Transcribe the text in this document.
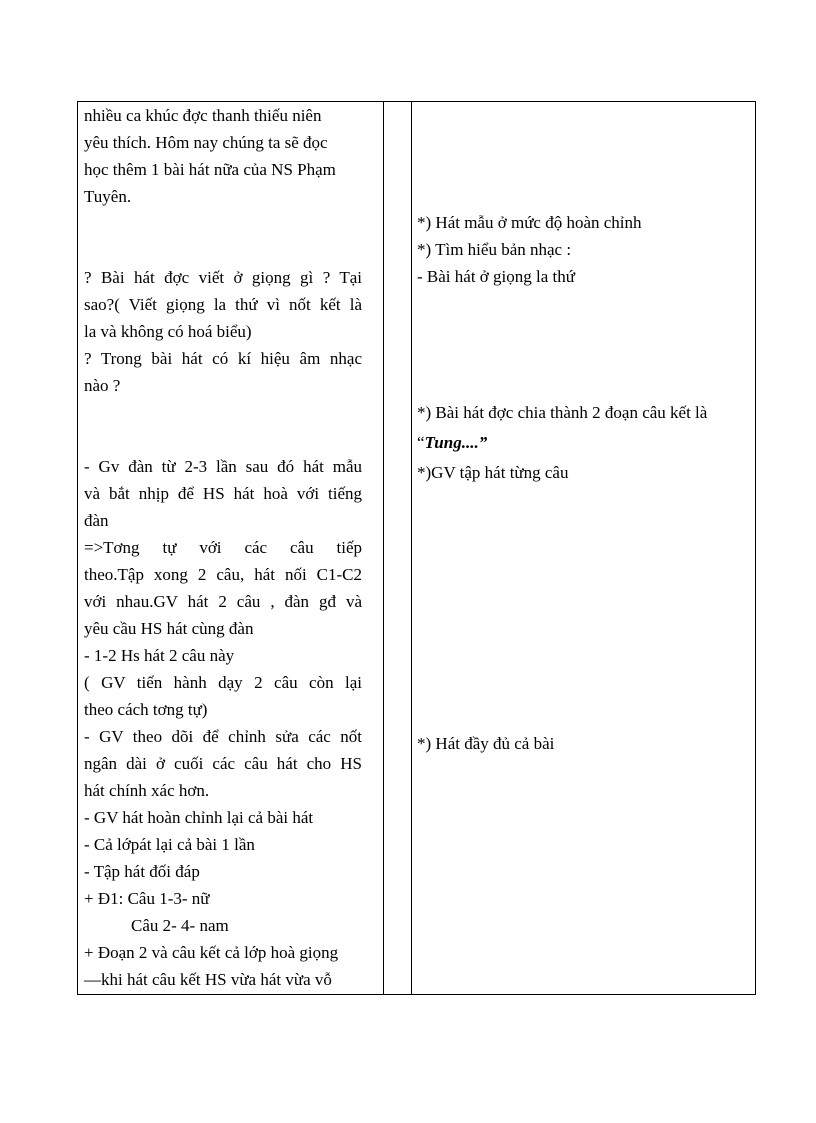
nhiều ca khúc đợc thanh thiếu niên
yêu thích. Hôm nay chúng ta sẽ đọc
học thêm 1 bài hát nữa của NS Phạm
Tuyên.
? Bài hát đợc viết ở giọng gì ? Tại
sao?( Viết giọng la thứ vì nốt kết là
la và không có hoá biểu)
? Trong bài hát có kí hiệu âm nhạc
nào ?
- Gv đàn từ 2-3 lần sau đó hát mẫu
và bắt nhịp để HS hát hoà với tiếng
đàn
=>Tơng tự với các câu tiếp
theo.Tập xong 2 câu, hát nối C1-C2
với nhau.GV hát 2 câu , đàn gđ và
yêu cầu HS hát cùng đàn
- 1-2 Hs hát 2 câu này
( GV tiến hành dạy 2 câu còn lại
theo cách tơng tự)
- GV theo dõi để chỉnh sửa các nốt
ngân dài ở cuối các câu hát cho HS
hát chính xác hơn.
- GV hát hoàn chỉnh lại cả bài hát
- Cả lớpát lại cả bài 1 lần
- Tập hát đối đáp
+ Đ1: Câu 1-3- nữ
Câu 2- 4- nam
+ Đoạn 2 và câu kết cả lớp hoà giọng
—khi hát câu kết HS vừa hát vừa vỗ
*) Hát mẫu ở mức độ hoàn chỉnh
*) Tìm hiểu bản nhạc :
- Bài hát ở giọng la thứ
*) Bài hát đợc chia thành 2 đoạn câu kết là
“Tung....”
*)GV tập hát từng câu
*) Hát đầy đủ cả bài
